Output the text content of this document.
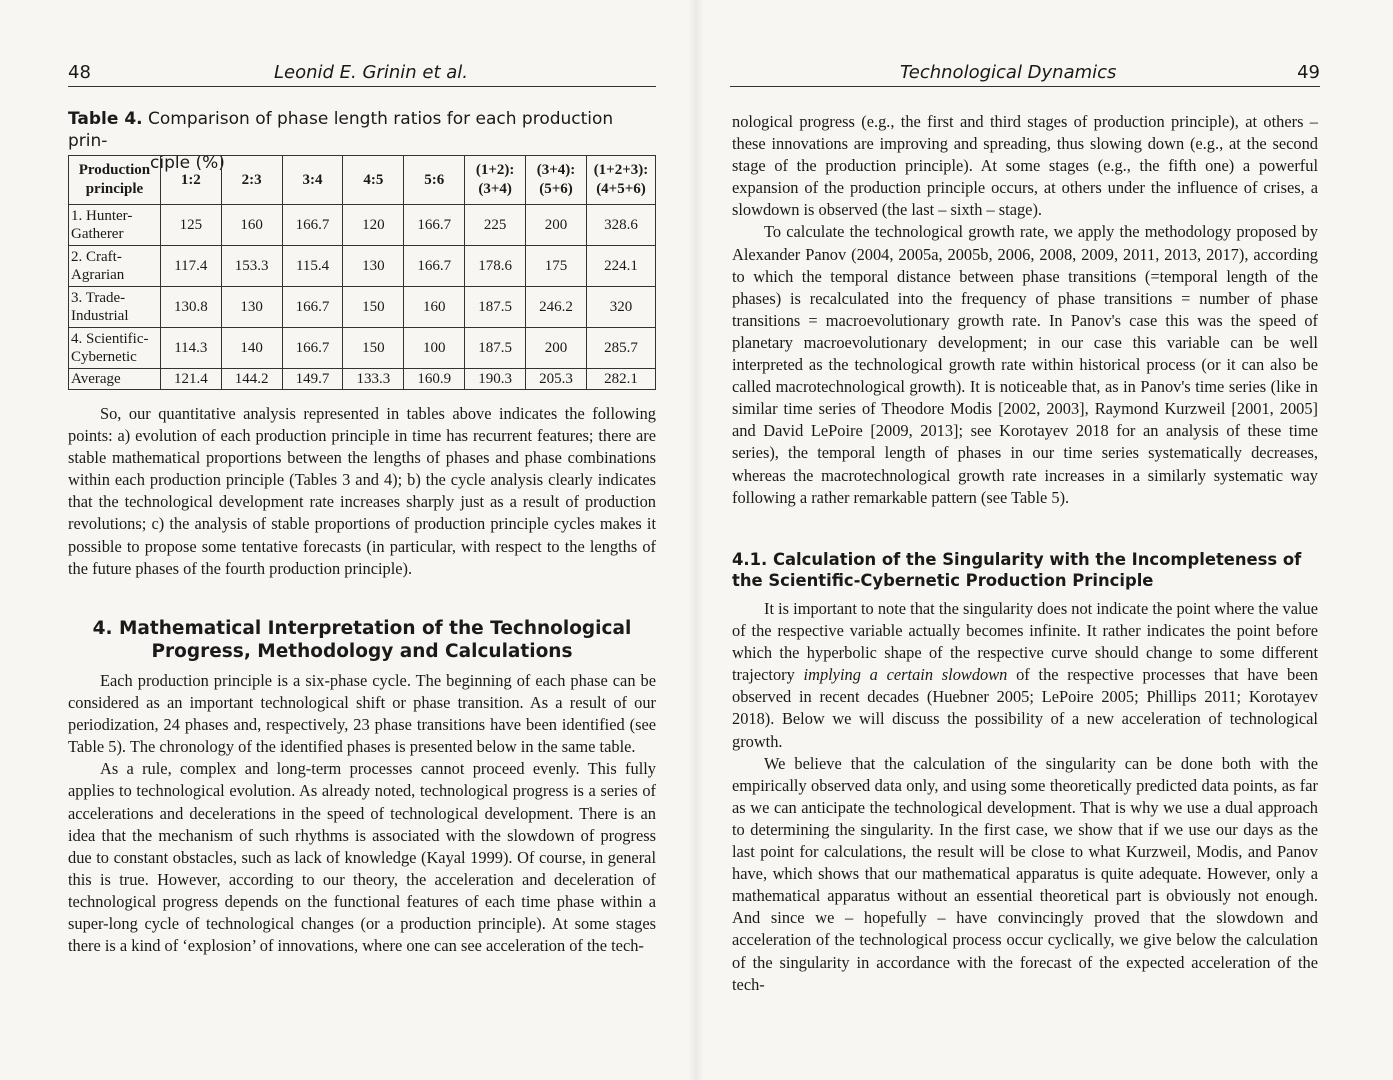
48	Leonid E. Grinin et al.
Table 4. Comparison of phase length ratios for each production prin-
ciple (%)
Production principle	1:2	2:3	3:4	4:5	5:6	(1+2): (3+4)	(3+4): (5+6)	(1+2+3): (4+5+6)
1. Hunter-Gatherer	125	160	166.7	120	166.7	225	200	328.6
2. Craft-Agrarian	117.4	153.3	115.4	130	166.7	178.6	175	224.1
3. Trade-Industrial	130.8	130	166.7	150	160	187.5	246.2	320
4. Scientific-Cybernetic	114.3	140	166.7	150	100	187.5	200	285.7
Average	121.4	144.2	149.7	133.3	160.9	190.3	205.3	282.1

So, our quantitative analysis represented in tables above indicates the following points: a) evolution of each production principle in time has recurrent features; there are stable mathematical proportions between the lengths of phases and phase combinations within each production principle (Tables 3 and 4); b) the cycle analysis clearly indicates that the technological development rate increases sharply just as a result of production revolutions; c) the analysis of stable proportions of production principle cycles makes it possible to propose some tentative forecasts (in particular, with respect to the lengths of the future phases of the fourth production principle).

4. Mathematical Interpretation of the Technological
Progress, Methodology and Calculations

Each production principle is a six-phase cycle. The beginning of each phase can be considered as an important technological shift or phase transition. As a result of our periodization, 24 phases and, respectively, 23 phase transitions have been identified (see Table 5). The chronology of the identified phases is presented below in the same table.

As a rule, complex and long-term processes cannot proceed evenly. This fully applies to technological evolution. As already noted, technological progress is a series of accelerations and decelerations in the speed of technological development. There is an idea that the mechanism of such rhythms is associated with the slowdown of progress due to constant obstacles, such as lack of knowledge (Kayal 1999). Of course, in general this is true. However, according to our theory, the acceleration and deceleration of technological progress depends on the functional features of each time phase within a super-long cycle of technological changes (or a production principle). At some stages there is a kind of ‘explosion’ of innovations, where one can see acceleration of the tech-

Technological Dynamics	49

nological progress (e.g., the first and third stages of production principle), at others – these innovations are improving and spreading, thus slowing down (e.g., at the second stage of the production principle). At some stages (e.g., the fifth one) a powerful expansion of the production principle occurs, at others under the influence of crises, a slowdown is observed (the last – sixth – stage).

To calculate the technological growth rate, we apply the methodology proposed by Alexander Panov (2004, 2005a, 2005b, 2006, 2008, 2009, 2011, 2013, 2017), according to which the temporal distance between phase transitions (=temporal length of the phases) is recalculated into the frequency of phase transitions = number of phase transitions = macroevolutionary growth rate. In Panov's case this was the speed of planetary macroevolutionary development; in our case this variable can be well interpreted as the technological growth rate within historical process (or it can also be called macrotechnological growth). It is noticeable that, as in Panov's time series (like in similar time series of Theodore Modis [2002, 2003], Raymond Kurzweil [2001, 2005] and David LePoire [2009, 2013]; see Korotayev 2018 for an analysis of these time series), the temporal length of phases in our time series systematically decreases, whereas the macrotechnological growth rate increases in a similarly systematic way following a rather remarkable pattern (see Table 5).

4.1. Calculation of the Singularity with the Incompleteness of
the Scientific-Cybernetic Production Principle

It is important to note that the singularity does not indicate the point where the value of the respective variable actually becomes infinite. It rather indicates the point before which the hyperbolic shape of the respective curve should change to some different trajectory implying a certain slowdown of the respective processes that have been observed in recent decades (Huebner 2005; LePoire 2005; Phillips 2011; Korotayev 2018). Below we will discuss the possibility of a new acceleration of technological growth.

We believe that the calculation of the singularity can be done both with the empirically observed data only, and using some theoretically predicted data points, as far as we can anticipate the technological development. That is why we use a dual approach to determining the singularity. In the first case, we show that if we use our days as the last point for calculations, the result will be close to what Kurzweil, Modis, and Panov have, which shows that our mathematical apparatus is quite adequate. However, only a mathematical apparatus without an essential theoretical part is obviously not enough. And since we – hopefully – have convincingly proved that the slowdown and acceleration of the technological process occur cyclically, we give below the calculation of the singularity in accordance with the forecast of the expected acceleration of the tech-
